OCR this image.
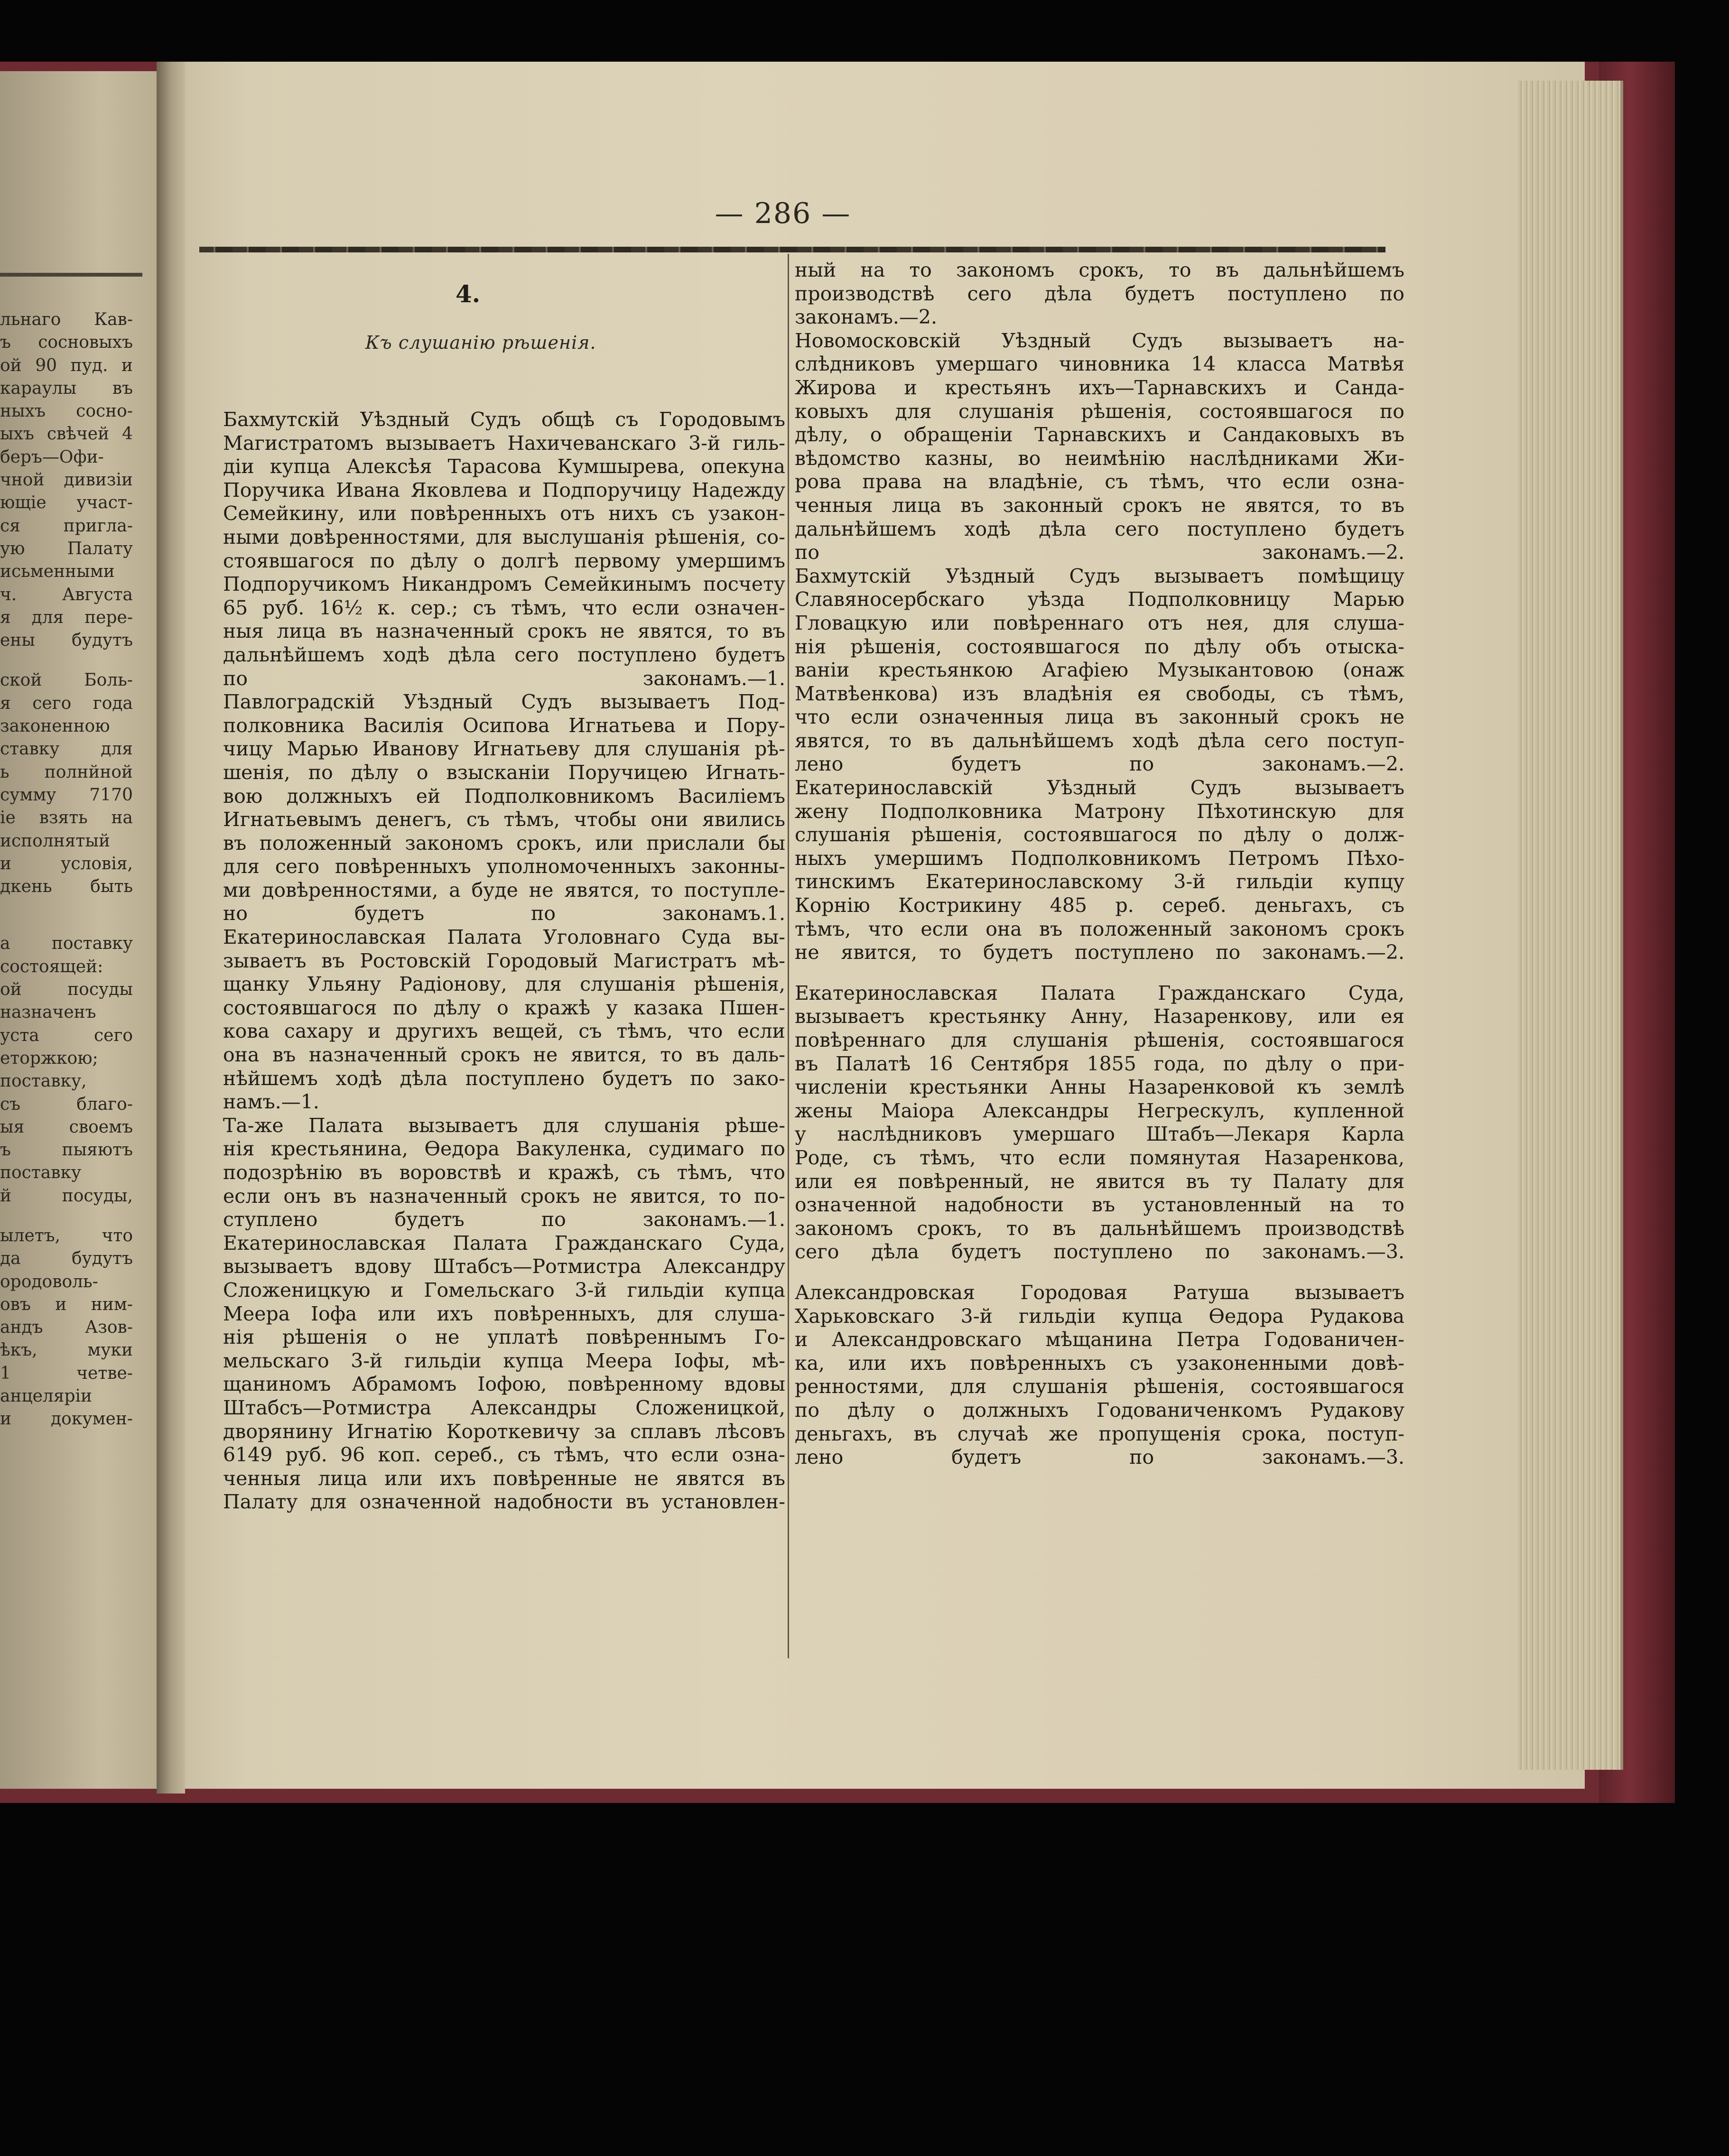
— 286 —
4.
Къ слушанію рѣшенія.
льнаго Кав-
ъ сосновыхъ
ой 90 пуд. и
караулы въ
ныхъ сосно-
ыхъ свѣчей 4
беръ—Офи-
чной дивизіи
ющіе участ-
ся пригла-
ую Палату
исьменными
ч. Августа
я для пере-
ены будутъ
ской Боль-
я сего года
законенною
ставку для
ь полнйной
сумму 7170
іе взять на
исполнятый
и условія,
дкень быть
а поставку
состоящей:
ой посуды
назначенъ
уста сего
еторжкою;
поставку,
съ благо-
ыя своемъ
ъ пыяютъ
поставку
й посуды,
ылетъ, что
да будутъ
ородоволь-
овъ и ним-
андъ Азов-
ѣкъ, муки
1 четве-
анцеляріи
и докумен-
Бахмутскій Уѣздный Судъ общѣ съ Городовымъ
Магистратомъ вызываетъ Нахичеванскаго 3-й гиль-
діи купца Алексѣя Тарасова Кумшырева, опекуна
Поручика Ивана Яковлева и Подпоручицу Надежду
Семейкину, или повѣренныхъ отъ нихъ съ узакон-
ными довѣренностями, для выслушанія рѣшенія, со-
стоявшагося по дѣлу о долгѣ первому умершимъ
Подпоручикомъ Никандромъ Семейкинымъ посчету
65 руб. 16½ к. сер.; съ тѣмъ, что если означен-
ныя лица въ назначенный срокъ не явятся, то въ
дальнѣйшемъ ходѣ дѣла сего поступлено будетъ
по законамъ.—1.
Павлоградскій Уѣздный Судъ вызываетъ Под-
полковника Василія Осипова Игнатьева и Пору-
чицу Марью Иванову Игнатьеву для слушанія рѣ-
шенія, по дѣлу о взысканіи Поручицею Игнать-
вою должныхъ ей Подполковникомъ Василіемъ
Игнатьевымъ денегъ, съ тѣмъ, чтобы они явились
въ положенный закономъ срокъ, или прислали бы
для сего повѣренныхъ уполномоченныхъ законны-
ми довѣренностями, а буде не явятся, то поступле-
но будетъ по законамъ.1.
Екатеринославская Палата Уголовнаго Суда вы-
зываетъ въ Ростовскій Городовый Магистратъ мѣ-
щанку Ульяну Радіонову, для слушанія рѣшенія,
состоявшагося по дѣлу о кражѣ у казака Пшен-
кова сахару и другихъ вещей, съ тѣмъ, что если
она въ назначенный срокъ не явится, то въ даль-
нѣйшемъ ходѣ дѣла поступлено будетъ по зако-
намъ.—1.
Та-же Палата вызываетъ для слушанія рѣше-
нія крестьянина, Ѳедора Вакуленка, судимаго по
подозрѣнію въ воровствѣ и кражѣ, съ тѣмъ, что
если онъ въ назначенный срокъ не явится, то по-
ступлено будетъ по законамъ.—1.
Екатеринославская Палата Гражданскаго Суда,
вызываетъ вдову Штабсъ—Ротмистра Александру
Сложеницкую и Гомельскаго 3-й гильдіи купца
Меера Іофа или ихъ повѣренныхъ, для слуша-
нія рѣшенія о не уплатѣ повѣреннымъ Го-
мельскаго 3-й гильдіи купца Меера Іофы, мѣ-
щаниномъ Абрамомъ Іофою, повѣренному вдовы
Штабсъ—Ротмистра Александры Сложеницкой,
дворянину Игнатію Короткевичу за сплавъ лѣсовъ
6149 руб. 96 коп. сереб., съ тѣмъ, что если озна-
ченныя лица или ихъ повѣренные не явятся въ
Палату для означенной надобности въ установлен-
ный на то закономъ срокъ, то въ дальнѣйшемъ
производствѣ сего дѣла будетъ поступлено по
законамъ.—2.
Новомосковскій Уѣздный Судъ вызываетъ на-
слѣдниковъ умершаго чиновника 14 класса Матвѣя
Жирова и крестьянъ ихъ—Тарнавскихъ и Санда-
ковыхъ для слушанія рѣшенія, состоявшагося по
дѣлу, о обращеніи Тарнавскихъ и Сандаковыхъ въ
вѣдомство казны, во неимѣнію наслѣдниками Жи-
рова права на владѣніе, съ тѣмъ, что если озна-
ченныя лица въ законный срокъ не явятся, то въ
дальнѣйшемъ ходѣ дѣла сего поступлено будетъ
по законамъ.—2.
Бахмутскій Уѣздный Судъ вызываетъ помѣщицу
Славяносербскаго уѣзда Подполковницу Марью
Гловацкую или повѣреннаго отъ нея, для слуша-
нія рѣшенія, состоявшагося по дѣлу объ отыска-
ваніи крестьянкою Агафіею Музыкантовою (онаж
Матвѣенкова) изъ владѣнія ея свободы, съ тѣмъ,
что если означенныя лица въ законный срокъ не
явятся, то въ дальнѣйшемъ ходѣ дѣла сего поступ-
лено будетъ по законамъ.—2.
Екатеринославскій Уѣздный Судъ вызываетъ
жену Подполковника Матрону Пѣхотинскую для
слушанія рѣшенія, состоявшагося по дѣлу о долж-
ныхъ умершимъ Подполковникомъ Петромъ Пѣхо-
тинскимъ Екатеринославскому 3-й гильдіи купцу
Корнію Кострикину 485 р. сереб. деньгахъ, съ
тѣмъ, что если она въ положенный закономъ срокъ
не явится, то будетъ поступлено по законамъ.—2.
Екатеринославская Палата Гражданскаго Суда,
вызываетъ крестьянку Анну, Назаренкову, или ея
повѣреннаго для слушанія рѣшенія, состоявшагося
въ Палатѣ 16 Сентября 1855 года, по дѣлу о при-
численіи крестьянки Анны Назаренковой къ землѣ
жены Маіора Александры Негрескулъ, купленной
у наслѣдниковъ умершаго Штабъ—Лекаря Карла
Роде, съ тѣмъ, что если помянутая Назаренкова,
или ея повѣренный, не явится въ ту Палату для
означенной надобности въ установленный на то
закономъ срокъ, то въ дальнѣйшемъ производствѣ
сего дѣла будетъ поступлено по законамъ.—3.
Александровская Городовая Ратуша вызываетъ
Харьковскаго 3-й гильдіи купца Ѳедора Рудакова
и Александровскаго мѣщанина Петра Годованичен-
ка, или ихъ повѣренныхъ съ узаконенными довѣ-
ренностями, для слушанія рѣшенія, состоявшагося
по дѣлу о должныхъ Годованиченкомъ Рудакову
деньгахъ, въ случаѣ же пропущенія срока, поступ-
лено будетъ по законамъ.—3.
